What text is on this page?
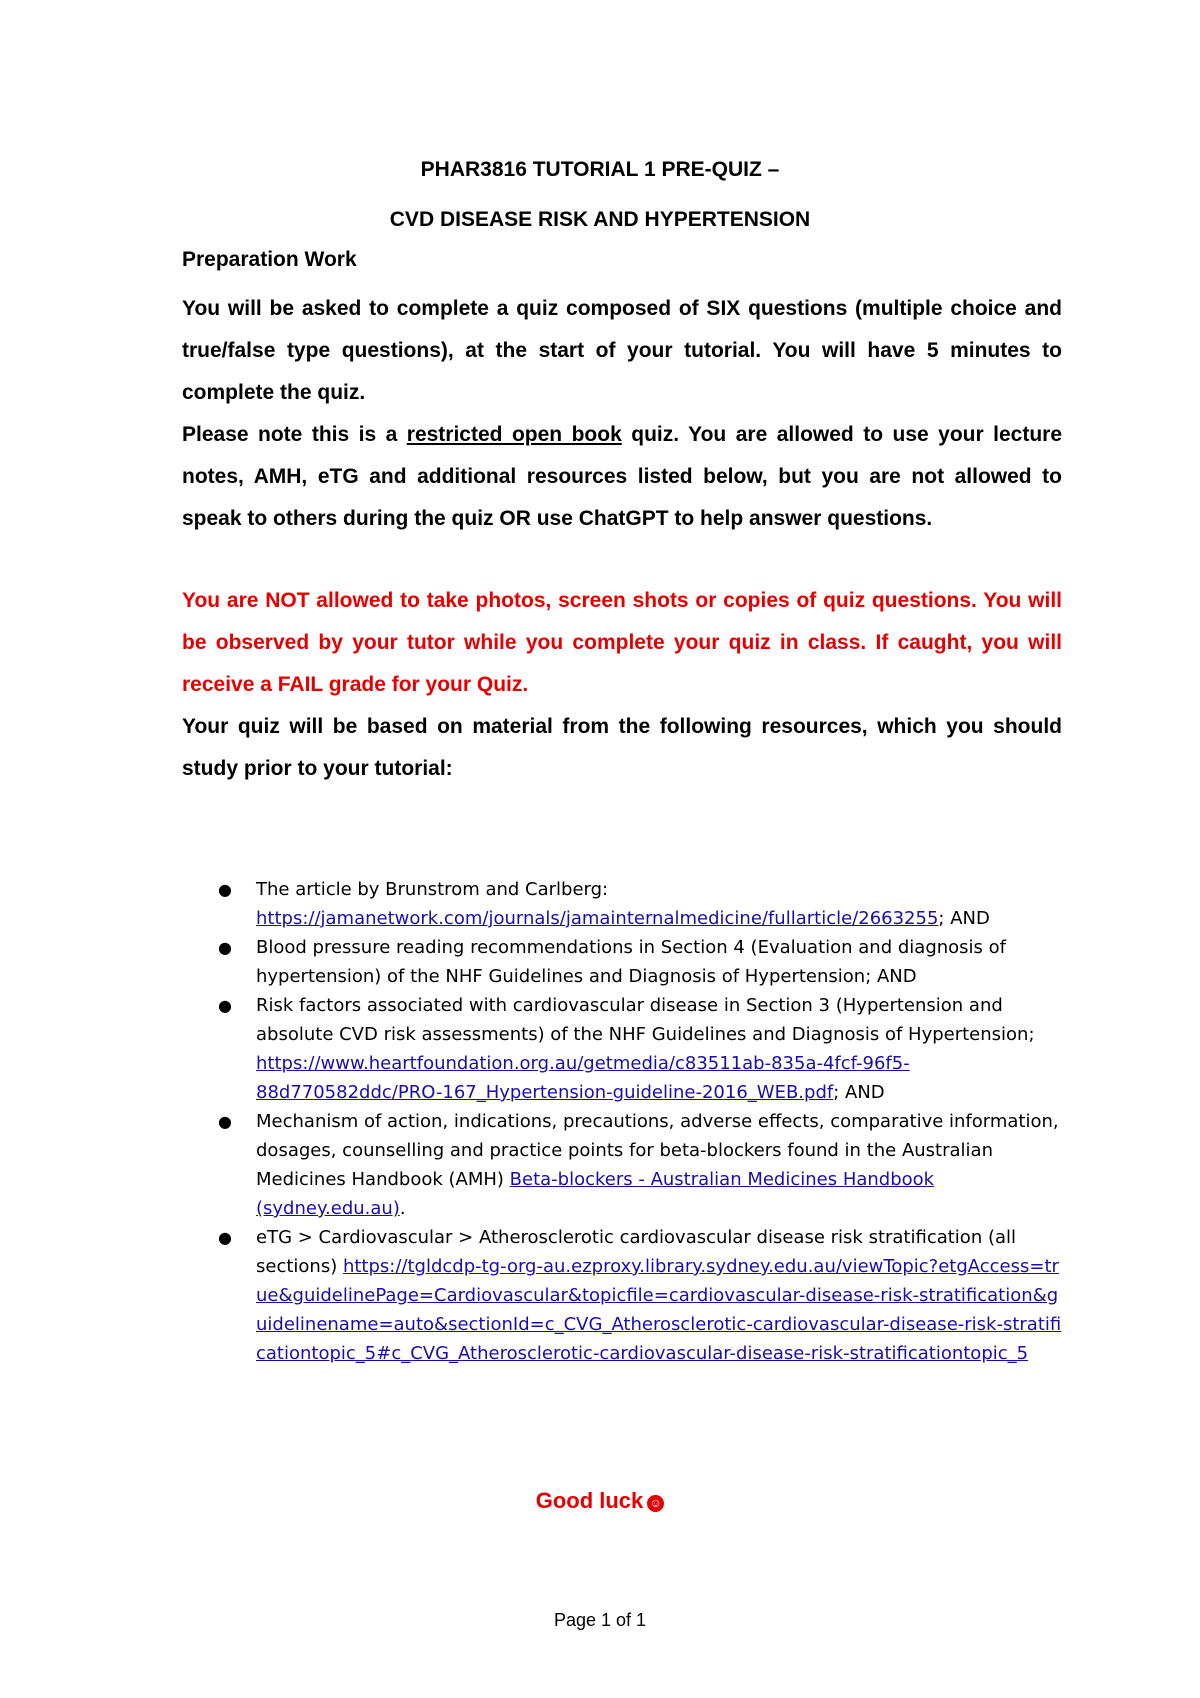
PHAR3816 TUTORIAL 1 PRE-QUIZ –
CVD DISEASE RISK AND HYPERTENSION
Preparation Work

You will be asked to complete a quiz composed of SIX questions (multiple choice and true/false type questions), at the start of your tutorial. You will have 5 minutes to complete the quiz.

Please note this is a restricted open book quiz. You are allowed to use your lecture notes, AMH, eTG and additional resources listed below, but you are not allowed to speak to others during the quiz OR use ChatGPT to help answer questions.

You are NOT allowed to take photos, screen shots or copies of quiz questions. You will be observed by your tutor while you complete your quiz in class. If caught, you will receive a FAIL grade for your Quiz.

Your quiz will be based on material from the following resources, which you should study prior to your tutorial:

● The article by Brunstrom and Carlberg: https://jamanetwork.com/journals/jamainternalmedicine/fullarticle/2663255; AND
● Blood pressure reading recommendations in Section 4 (Evaluation and diagnosis of hypertension) of the NHF Guidelines and Diagnosis of Hypertension; AND
● Risk factors associated with cardiovascular disease in Section 3 (Hypertension and absolute CVD risk assessments) of the NHF Guidelines and Diagnosis of Hypertension; https://www.heartfoundation.org.au/getmedia/c83511ab-835a-4fcf-96f5-88d770582ddc/PRO-167_Hypertension-guideline-2016_WEB.pdf; AND
● Mechanism of action, indications, precautions, adverse effects, comparative information, dosages, counselling and practice points for beta-blockers found in the Australian Medicines Handbook (AMH) Beta-blockers - Australian Medicines Handbook (sydney.edu.au).
● eTG > Cardiovascular > Atherosclerotic cardiovascular disease risk stratification (all sections) https://tgldcdp-tg-org-au.ezproxy.library.sydney.edu.au/viewTopic?etgAccess=true&guidelinePage=Cardiovascular&topicfile=cardiovascular-disease-risk-stratification&guidelinename=auto&sectionId=c_CVG_Atherosclerotic-cardiovascular-disease-risk-stratificationtopic_5#c_CVG_Atherosclerotic-cardiovascular-disease-risk-stratificationtopic_5
Good luck ☺
Page 1 of 1
